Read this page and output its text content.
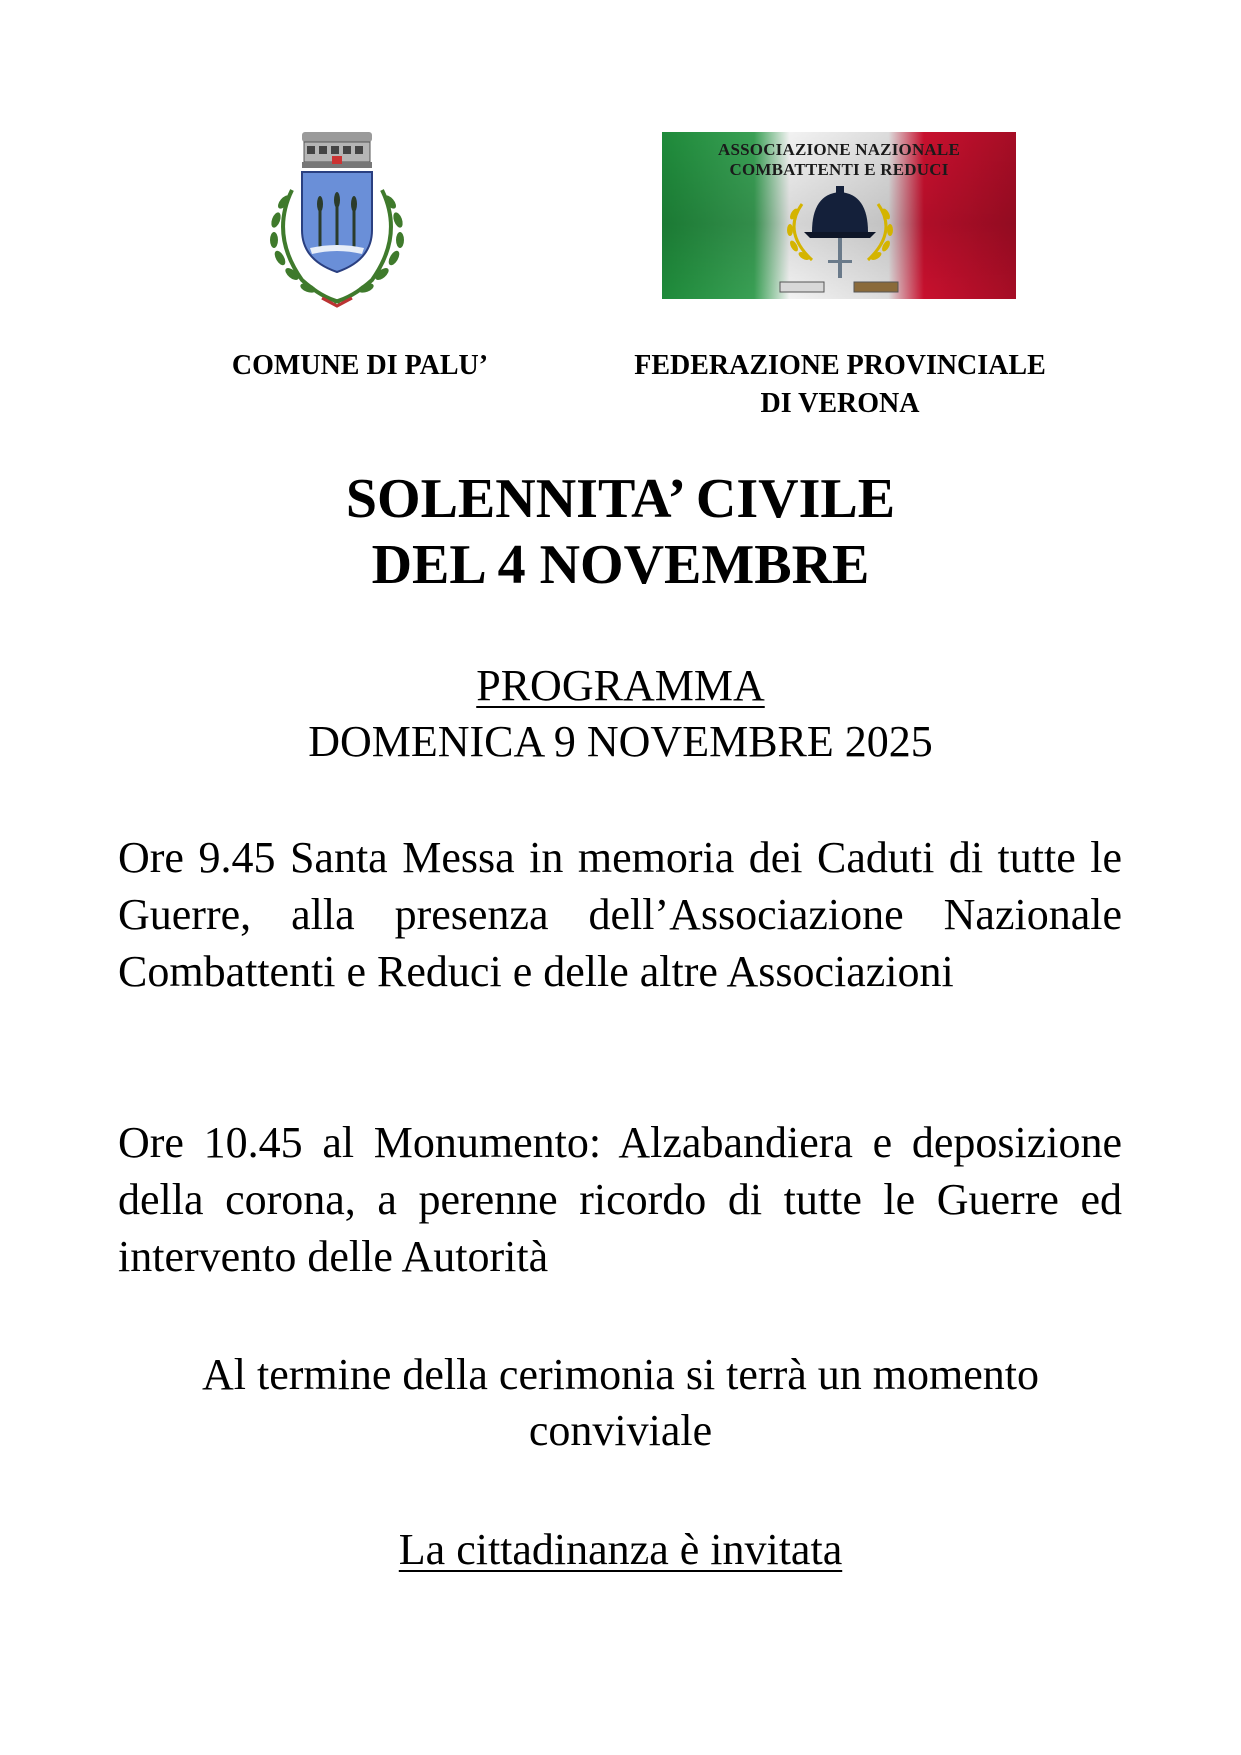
ASSOCIAZIONE NAZIONALE
COMBATTENTI E REDUCI
COMUNE DI PALU’	FEDERAZIONE PROVINCIALE
DI VERONA
SOLENNITA’ CIVILE
DEL 4 NOVEMBRE
PROGRAMMA
DOMENICA 9 NOVEMBRE 2025
Ore 9.45 Santa Messa in memoria dei Caduti di tutte le Guerre, alla presenza dell’Associazione Nazionale Combattenti e Reduci e delle altre Associazioni
Ore 10.45 al Monumento: Alzabandiera e deposizione della corona, a perenne ricordo di tutte le Guerre ed intervento delle Autorità
Al termine della cerimonia si terrà un momento
conviviale
La cittadinanza è invitata
